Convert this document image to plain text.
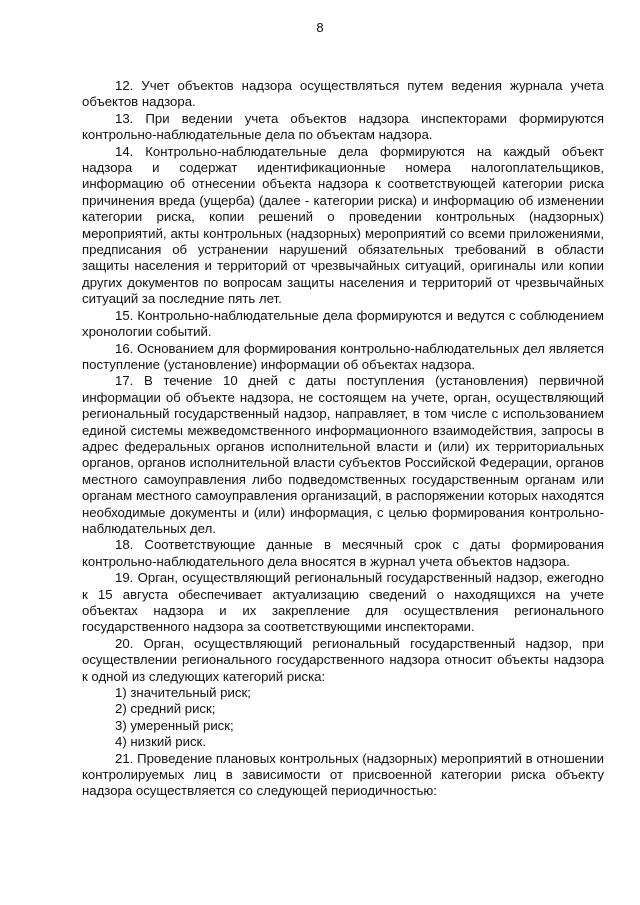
8

12. Учет объектов надзора осуществляться путем ведения журнала учета объектов надзора.

13. При ведении учета объектов надзора инспекторами формируются контрольно-наблюдательные дела по объектам надзора.

14. Контрольно-наблюдательные дела формируются на каждый объект надзора и содержат идентификационные номера налогоплательщиков, информацию об отнесении объекта надзора к соответствующей категории риска причинения вреда (ущерба) (далее - категории риска) и информацию об изменении категории риска, копии решений о проведении контрольных (надзорных) мероприятий, акты контрольных (надзорных) мероприятий со всеми приложениями, предписания об устранении нарушений обязательных требований в области защиты населения и территорий от чрезвычайных ситуаций, оригиналы или копии других документов по вопросам защиты населения и территорий от чрезвычайных ситуаций за последние пять лет.

15. Контрольно-наблюдательные дела формируются и ведутся с соблюдением хронологии событий.

16. Основанием для формирования контрольно-наблюдательных дел является поступление (установление) информации об объектах надзора.

17. В течение 10 дней с даты поступления (установления) первичной информации об объекте надзора, не состоящем на учете, орган, осуществляющий региональный государственный надзор, направляет, в том числе с использованием единой системы межведомственного информационного взаимодействия, запросы в адрес федеральных органов исполнительной власти и (или) их территориальных органов, органов исполнительной власти субъектов Российской Федерации, органов местного самоуправления либо подведомственных государственным органам или органам местного самоуправления организаций, в распоряжении которых находятся необходимые документы и (или) информация, с целью формирования контрольно-наблюдательных дел.

18. Соответствующие данные в месячный срок с даты формирования контрольно-наблюдательного дела вносятся в журнал учета объектов надзора.

19. Орган, осуществляющий региональный государственный надзор, ежегодно к 15 августа обеспечивает актуализацию сведений о находящихся на учете объектах надзора и их закрепление для осуществления регионального государственного надзора за соответствующими инспекторами.

20. Орган, осуществляющий региональный государственный надзор, при осуществлении регионального государственного надзора относит объекты надзора к одной из следующих категорий риска:

1) значительный риск;

2) средний риск;

3) умеренный риск;

4) низкий риск.

21. Проведение плановых контрольных (надзорных) мероприятий в отношении контролируемых лиц в зависимости от присвоенной категории риска объекту надзора осуществляется со следующей периодичностью:
